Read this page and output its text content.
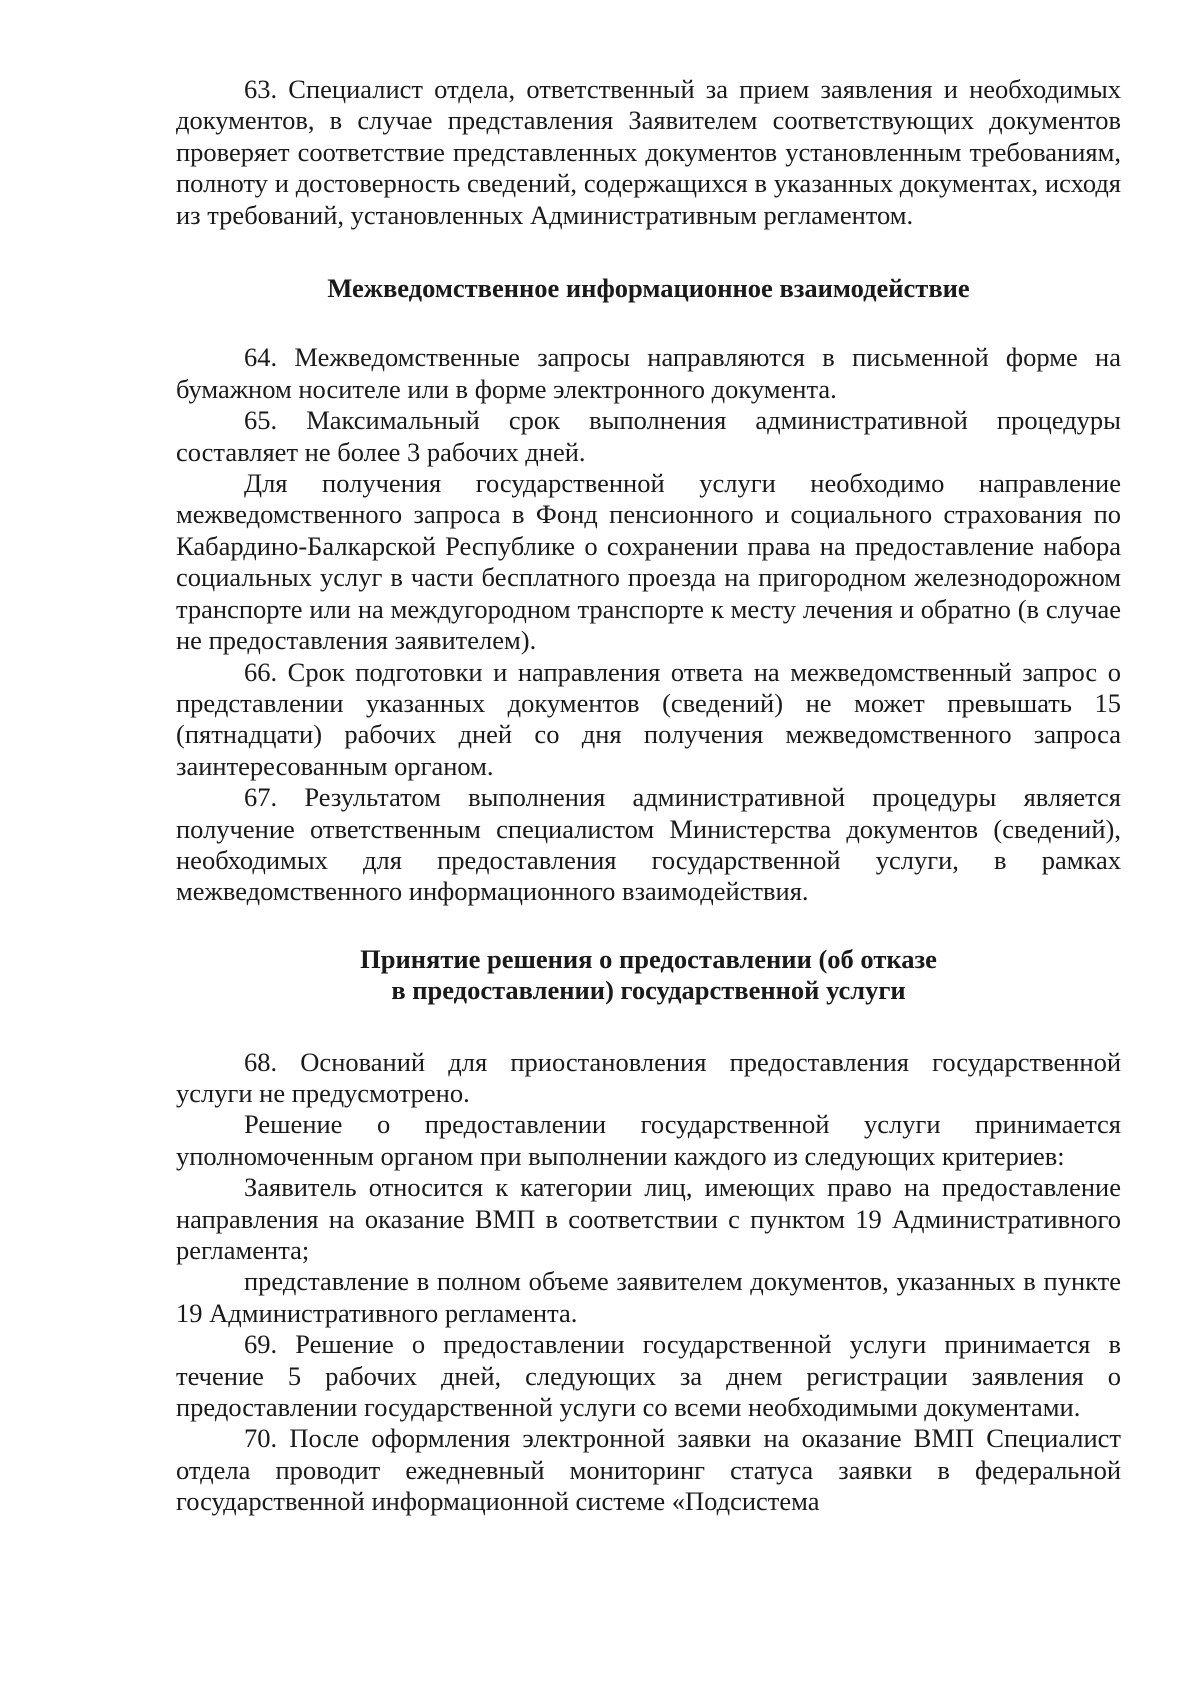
63. Специалист отдела, ответственный за прием заявления и необходимых документов, в случае представления Заявителем соответствующих документов проверяет соответствие представленных документов установленным требованиям, полноту и достоверность сведений, содержащихся в указанных документах, исходя из требований, установленных Административным регламентом.

Межведомственное информационное взаимодействие

64. Межведомственные запросы направляются в письменной форме на бумажном носителе или в форме электронного документа.

65. Максимальный срок выполнения административной процедуры составляет не более 3 рабочих дней.

Для получения государственной услуги необходимо направление межведомственного запроса в Фонд пенсионного и социального страхования по Кабардино-Балкарской Республике о сохранении права на предоставление набора социальных услуг в части бесплатного проезда на пригородном железнодорожном транспорте или на междугородном транспорте к месту лечения и обратно (в случае не предоставления заявителем).

66. Срок подготовки и направления ответа на межведомственный запрос о представлении указанных документов (сведений) не может превышать 15 (пятнадцати) рабочих дней со дня получения межведомственного запроса заинтересованным органом.

67. Результатом выполнения административной процедуры является получение ответственным специалистом Министерства документов (сведений), необходимых для предоставления государственной услуги, в рамках межведомственного информационного взаимодействия.

Принятие решения о предоставлении (об отказе
в предоставлении) государственной услуги

68. Оснований для приостановления предоставления государственной услуги не предусмотрено.

Решение о предоставлении государственной услуги принимается уполномоченным органом при выполнении каждого из следующих критериев:

Заявитель относится к категории лиц, имеющих право на предоставление направления на оказание ВМП в соответствии с пунктом 19 Административного регламента;

представление в полном объеме заявителем документов, указанных в пункте 19 Административного регламента.

69. Решение о предоставлении государственной услуги принимается в течение 5 рабочих дней, следующих за днем регистрации заявления о предоставлении государственной услуги со всеми необходимыми документами.

70. После оформления электронной заявки на оказание ВМП Специалист отдела проводит ежедневный мониторинг статуса заявки в федеральной государственной информационной системе «Подсистема
